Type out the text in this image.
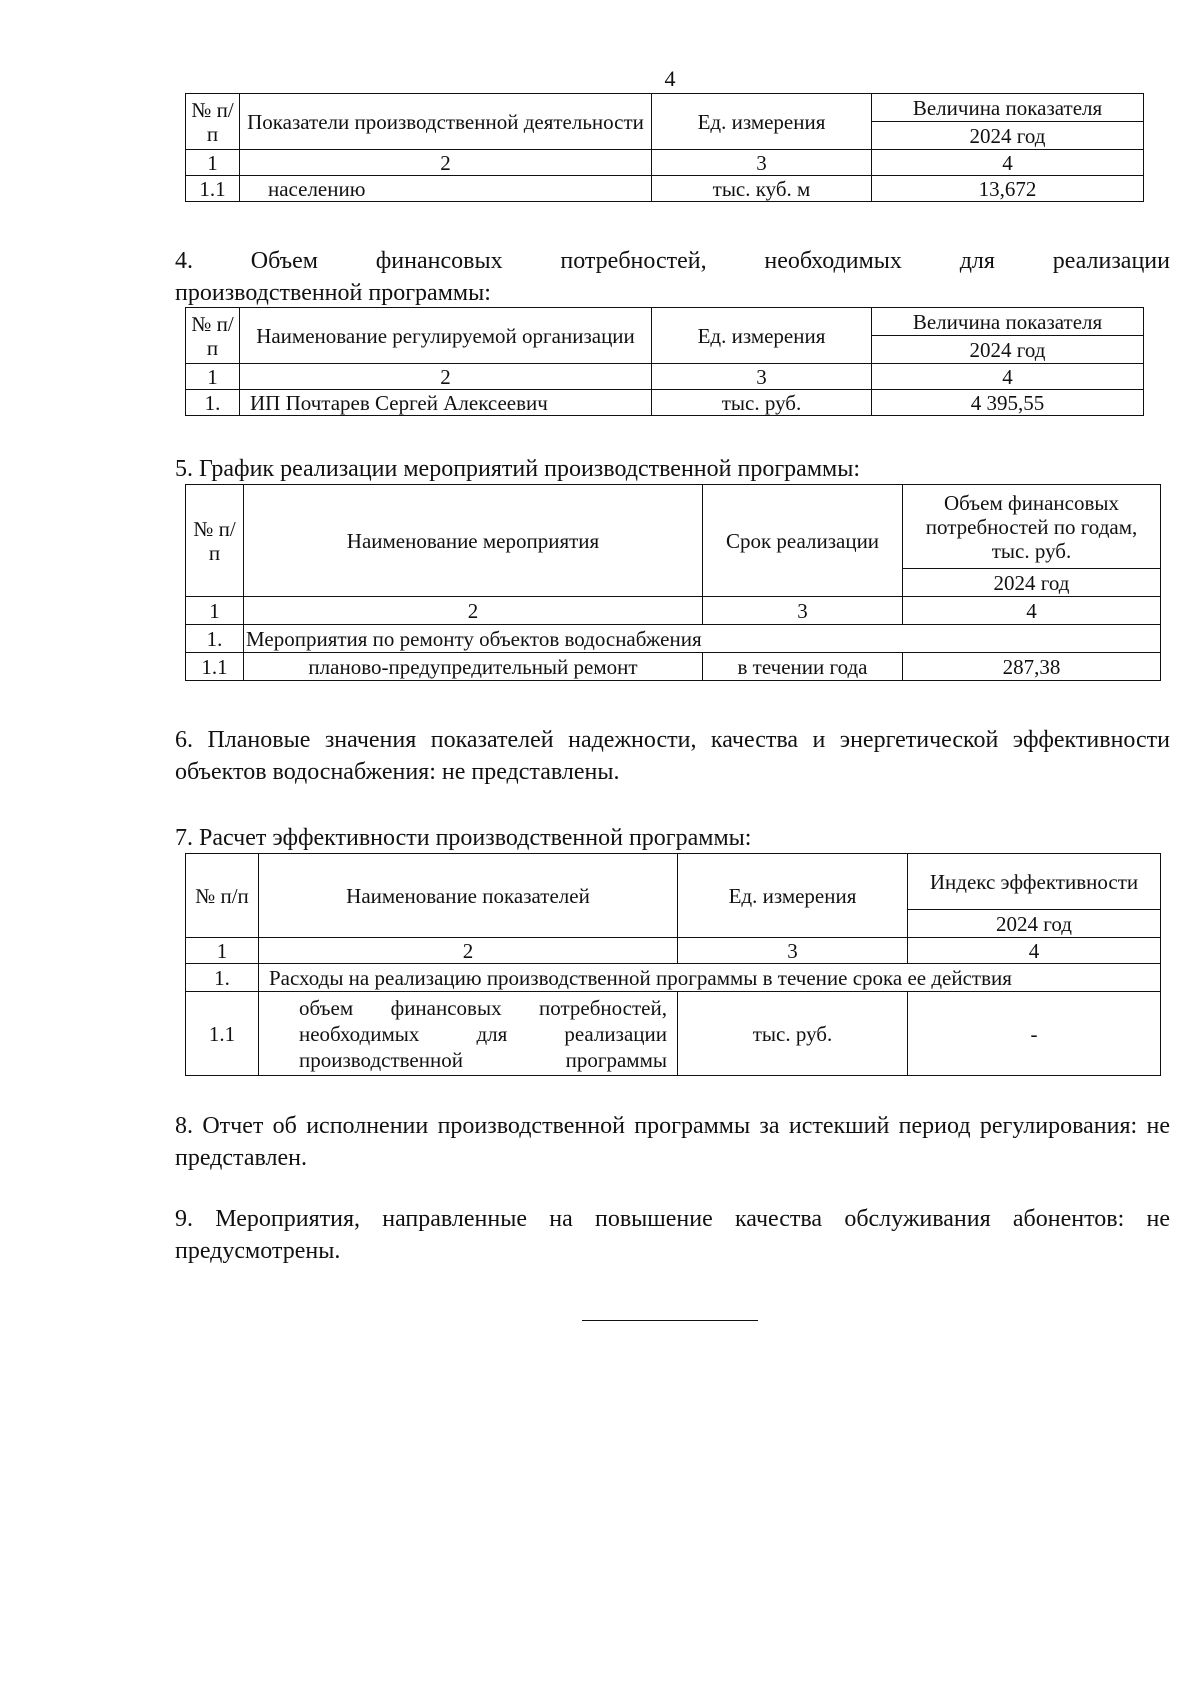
4
№ п/п	Показатели производственной деятельности	Ед. измерения	Величина показателя
			2024 год
1	2	3	4
1.1	населению	тыс. куб. м	13,672
4. Объем финансовых потребностей, необходимых для реализации
производственной программы:
№ п/п	Наименование регулируемой организации	Ед. измерения	Величина показателя
			2024 год
1	2	3	4
1.	ИП Почтарев Сергей Алексеевич	тыс. руб.	4 395,55
5. График реализации мероприятий производственной программы:
№ п/п	Наименование мероприятия	Срок реализации	Объем финансовых потребностей по годам, тыс. руб.
			2024 год
1	2	3	4
1.	Мероприятия по ремонту объектов водоснабжения		
1.1	планово-предупредительный ремонт	в течении года	287,38
6. Плановые значения показателей надежности, качества и энергетической эффективности объектов водоснабжения: не представлены.
7. Расчет эффективности производственной программы:
№ п/п	Наименование показателей	Ед. измерения	Индекс эффективности
			2024 год
1	2	3	4
1.	Расходы на реализацию производственной программы в течение срока ее действия		
1.1	объем финансовых потребностей, необходимых для реализации производственной программы	тыс. руб.	-
8. Отчет об исполнении производственной программы за истекший период регулирования: не представлен.
9. Мероприятия, направленные на повышение качества обслуживания абонентов: не предусмотрены.
